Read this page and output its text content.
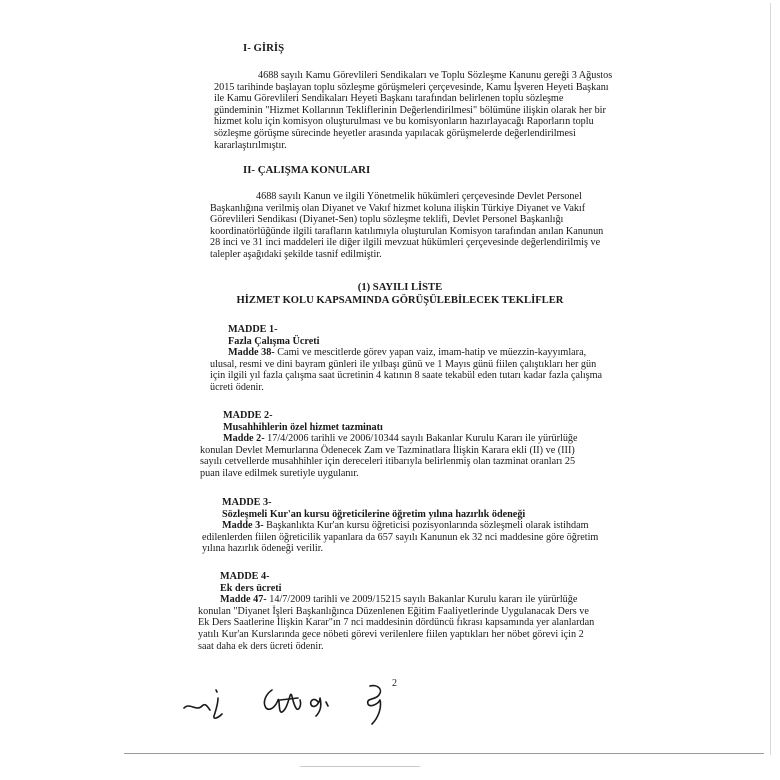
I- GİRİŞ
4688 sayılı Kamu Görevlileri Sendikaları ve Toplu Sözleşme Kanunu gereği 3 Ağustos
2015 tarihinde başlayan toplu sözleşme görüşmeleri çerçevesinde, Kamu İşveren Heyeti Başkanı
ile Kamu Görevlileri Sendikaları Heyeti Başkanı tarafından belirlenen toplu sözleşme
gündeminin "Hizmet Kollarının Tekliflerinin Değerlendirilmesi" bölümüne ilişkin olarak her bir
hizmet kolu için komisyon oluşturulması ve bu komisyonların hazırlayacağı Raporların toplu
sözleşme görüşme sürecinde heyetler arasında yapılacak görüşmelerde değerlendirilmesi
kararlaştırılmıştır.
II- ÇALIŞMA KONULARI
4688 sayılı Kanun ve ilgili Yönetmelik hükümleri çerçevesinde Devlet Personel
Başkanlığına verilmiş olan Diyanet ve Vakıf hizmet koluna ilişkin Türkiye Diyanet ve Vakıf
Görevlileri Sendikası (Diyanet-Sen) toplu sözleşme teklifi, Devlet Personel Başkanlığı
koordinatörlüğünde ilgili tarafların katılımıyla oluşturulan Komisyon tarafından anılan Kanunun
28 inci ve 31 inci maddeleri ile diğer ilgili mevzuat hükümleri çerçevesinde değerlendirilmiş ve
talepler aşağıdaki şekilde tasnif edilmiştir.
(1) SAYILI LİSTE
HİZMET KOLU KAPSAMINDA GÖRÜŞÜLEBİLECEK TEKLİFLER
MADDE 1-
Fazla Çalışma Ücreti
Madde 38- Cami ve mescitlerde görev yapan vaiz, imam-hatip ve müezzin-kayyımlara,
ulusal, resmi ve dini bayram günleri ile yılbaşı günü ve 1 Mayıs günü fiilen çalıştıkları her gün
için ilgili yıl fazla çalışma saat ücretinin 4 katının 8 saate tekabül eden tutarı kadar fazla çalışma
ücreti ödenir.
MADDE 2-
Musahhihlerin özel hizmet tazminatı
Madde 2- 17/4/2006 tarihli ve 2006/10344 sayılı Bakanlar Kurulu Kararı ile yürürlüğe
konulan Devlet Memurlarına Ödenecek Zam ve Tazminatlara İlişkin Karara ekli (II) ve (III)
sayılı cetvellerde musahhihler için dereceleri itibarıyla belirlenmiş olan tazminat oranları 25
puan ilave edilmek suretiyle uygulanır.
MADDE 3-
Sözleşmeli Kur'an kursu öğreticilerine öğretim yılına hazırlık ödeneği
Madde 3- Başkanlıkta Kur'an kursu öğreticisi pozisyonlarında sözleşmeli olarak istihdam
edilenlerden fiilen öğreticilik yapanlara da 657 sayılı Kanunun ek 32 nci maddesine göre öğretim
yılına hazırlık ödeneği verilir.
MADDE 4-
Ek ders ücreti
Madde 47- 14/7/2009 tarihli ve 2009/15215 sayılı Bakanlar Kurulu kararı ile yürürlüğe
konulan "Diyanet İşleri Başkanlığınca Düzenlenen Eğitim Faaliyetlerinde Uygulanacak Ders ve
Ek Ders Saatlerine İlişkin Karar"ın 7 nci maddesinin dördüncü fıkrası kapsamında yer alanlardan
yatılı Kur'an Kurslarında gece nöbeti görevi verilenlere fiilen yaptıkları her nöbet görevi için 2
saat daha ek ders ücreti ödenir.
2
